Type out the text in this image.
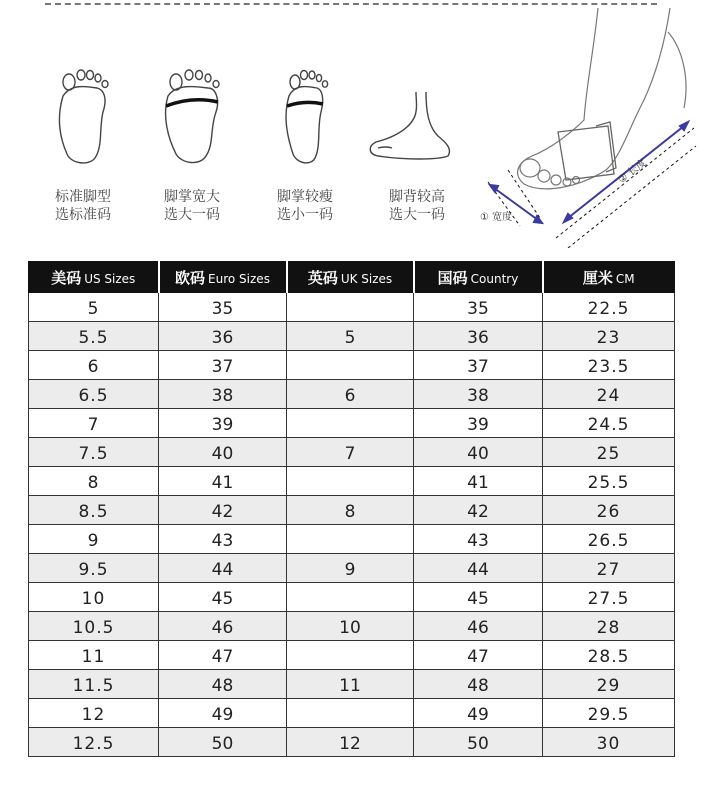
标准脚型
选标准码
脚掌宽大
选大一码
脚掌较瘦
选小一码
脚背较高
选大一码	① 宽度
② 长度
美码 US Sizes	欧码 Euro Sizes	英码 UK Sizes	国码 Country	厘米 CM
5	35		35	22.5
5.5	36	5	36	23
6	37		37	23.5
6.5	38	6	38	24
7	39		39	24.5
7.5	40	7	40	25
8	41		41	25.5
8.5	42	8	42	26
9	43		43	26.5
9.5	44	9	44	27
10	45		45	27.5
10.5	46	10	46	28
11	47		47	28.5
11.5	48	11	48	29
12	49		49	29.5
12.5	50	12	50	30
